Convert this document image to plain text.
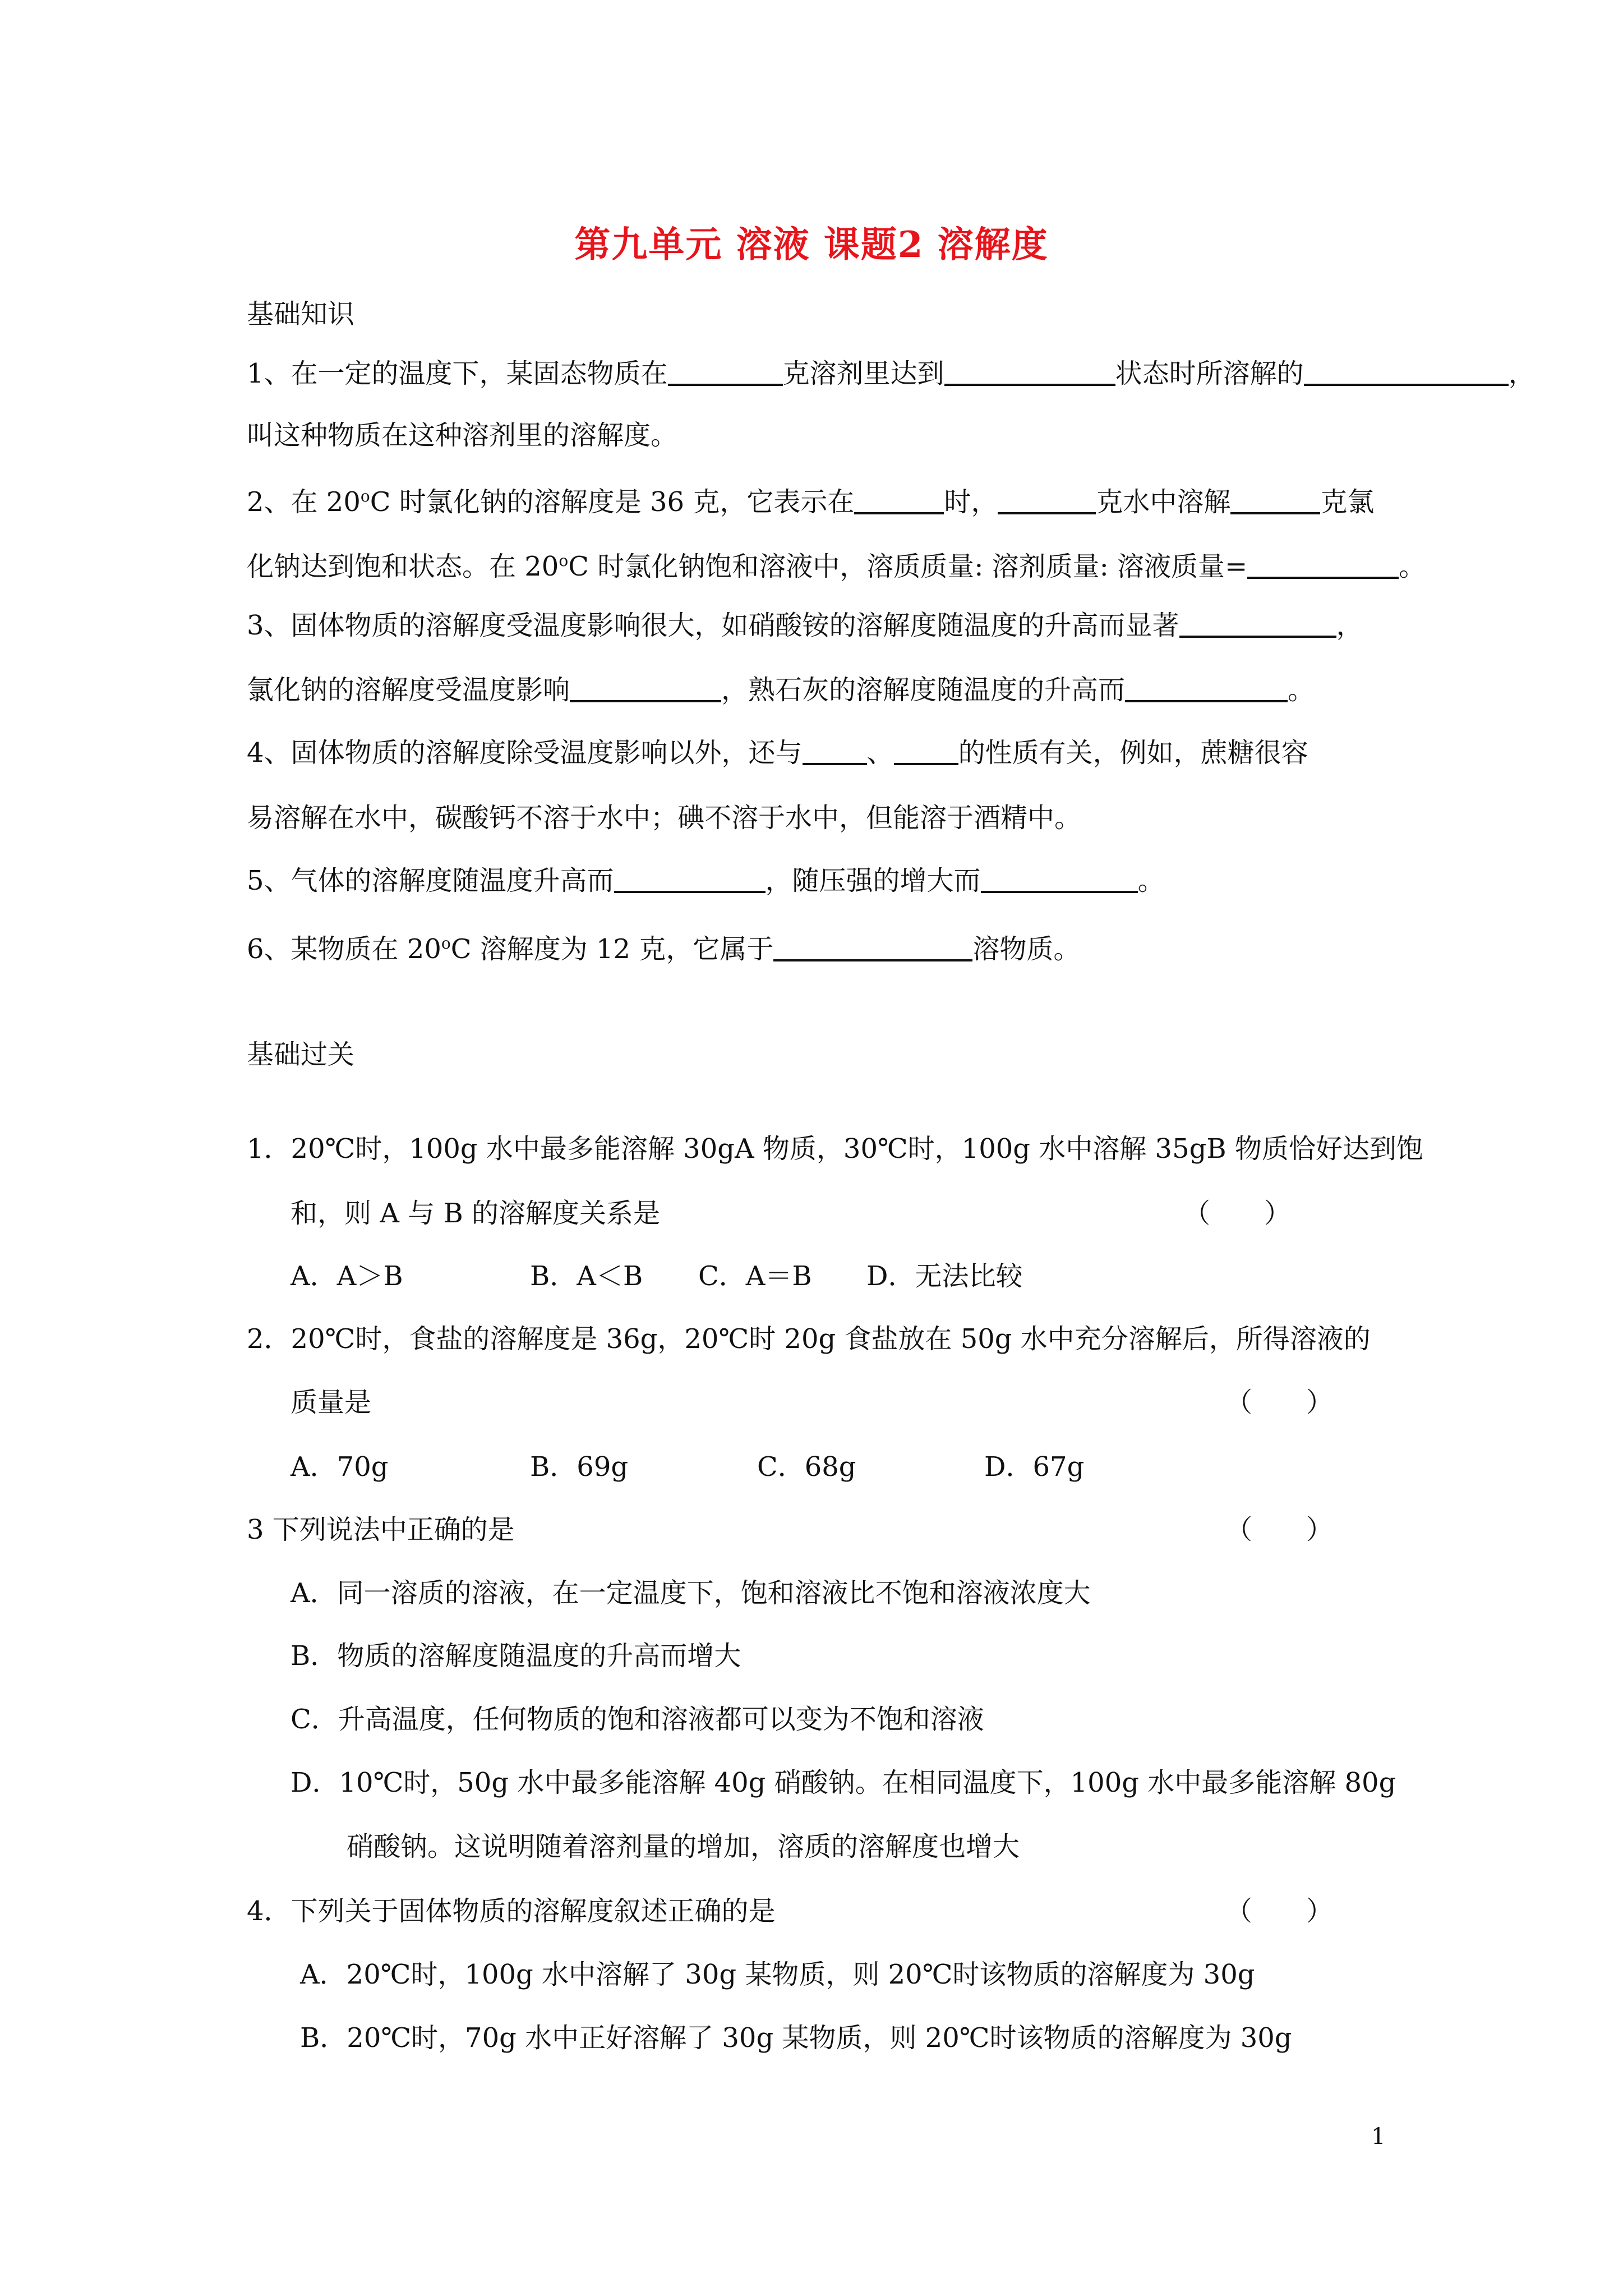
第九单元 溶液 课题2 溶解度
基础知识
1、在一定的温度下，某固态物质在	克溶剂里达到	状态时所溶解的	，
叫这种物质在这种溶剂里的溶解度。
2、在 20$^o$C 时氯化钠的溶解度是 36 克，它表示在	时，	克水中溶解	克氯
化钠达到饱和状态。在 20$^o$C 时氯化钠饱和溶液中，溶质质量: 溶剂质量: 溶液质量=	。
3、固体物质的溶解度受温度影响很大，如硝酸铵的溶解度随温度的升高而显著	，
氯化钠的溶解度受温度影响	，熟石灰的溶解度随温度的升高而	。
4、固体物质的溶解度除受温度影响以外，还与 、 的性质有关，例如，蔗糖很容
易溶解在水中，碳酸钙不溶于水中；碘不溶于水中，但能溶于酒精中。
5、气体的溶解度随温度升高而	，随压强的增大而	。
6、某物质在 20$^o$C 溶解度为 12 克，它属于	溶物质。
基础过关
1．20℃时，100g 水中最多能溶解 30gA 物质，30℃时，100g 水中溶解 35gB 物质恰好达到饱
和，则 A 与 B 的溶解度关系是	（　　）
A．A＞B	B．A＜B C．A＝B D．无法比较
2．20℃时，食盐的溶解度是 36g，20℃时 20g 食盐放在 50g 水中充分溶解后，所得溶液的
质量是	（　　）
A．70g	B．69g	C．68g	D．67g
3 下列说法中正确的是	（　　）
A．同一溶质的溶液，在一定温度下，饱和溶液比不饱和溶液浓度大
B．物质的溶解度随温度的升高而增大
C．升高温度，任何物质的饱和溶液都可以变为不饱和溶液
D．10℃时，50g 水中最多能溶解 40g 硝酸钠。在相同温度下，100g 水中最多能溶解 80g
硝酸钠。这说明随着溶剂量的增加，溶质的溶解度也增大
4．下列关于固体物质的溶解度叙述正确的是	（　　）
A．20℃时，100g 水中溶解了 30g 某物质，则 20℃时该物质的溶解度为 30g
B．20℃时，70g 水中正好溶解了 30g 某物质，则 20℃时该物质的溶解度为 30g
1
